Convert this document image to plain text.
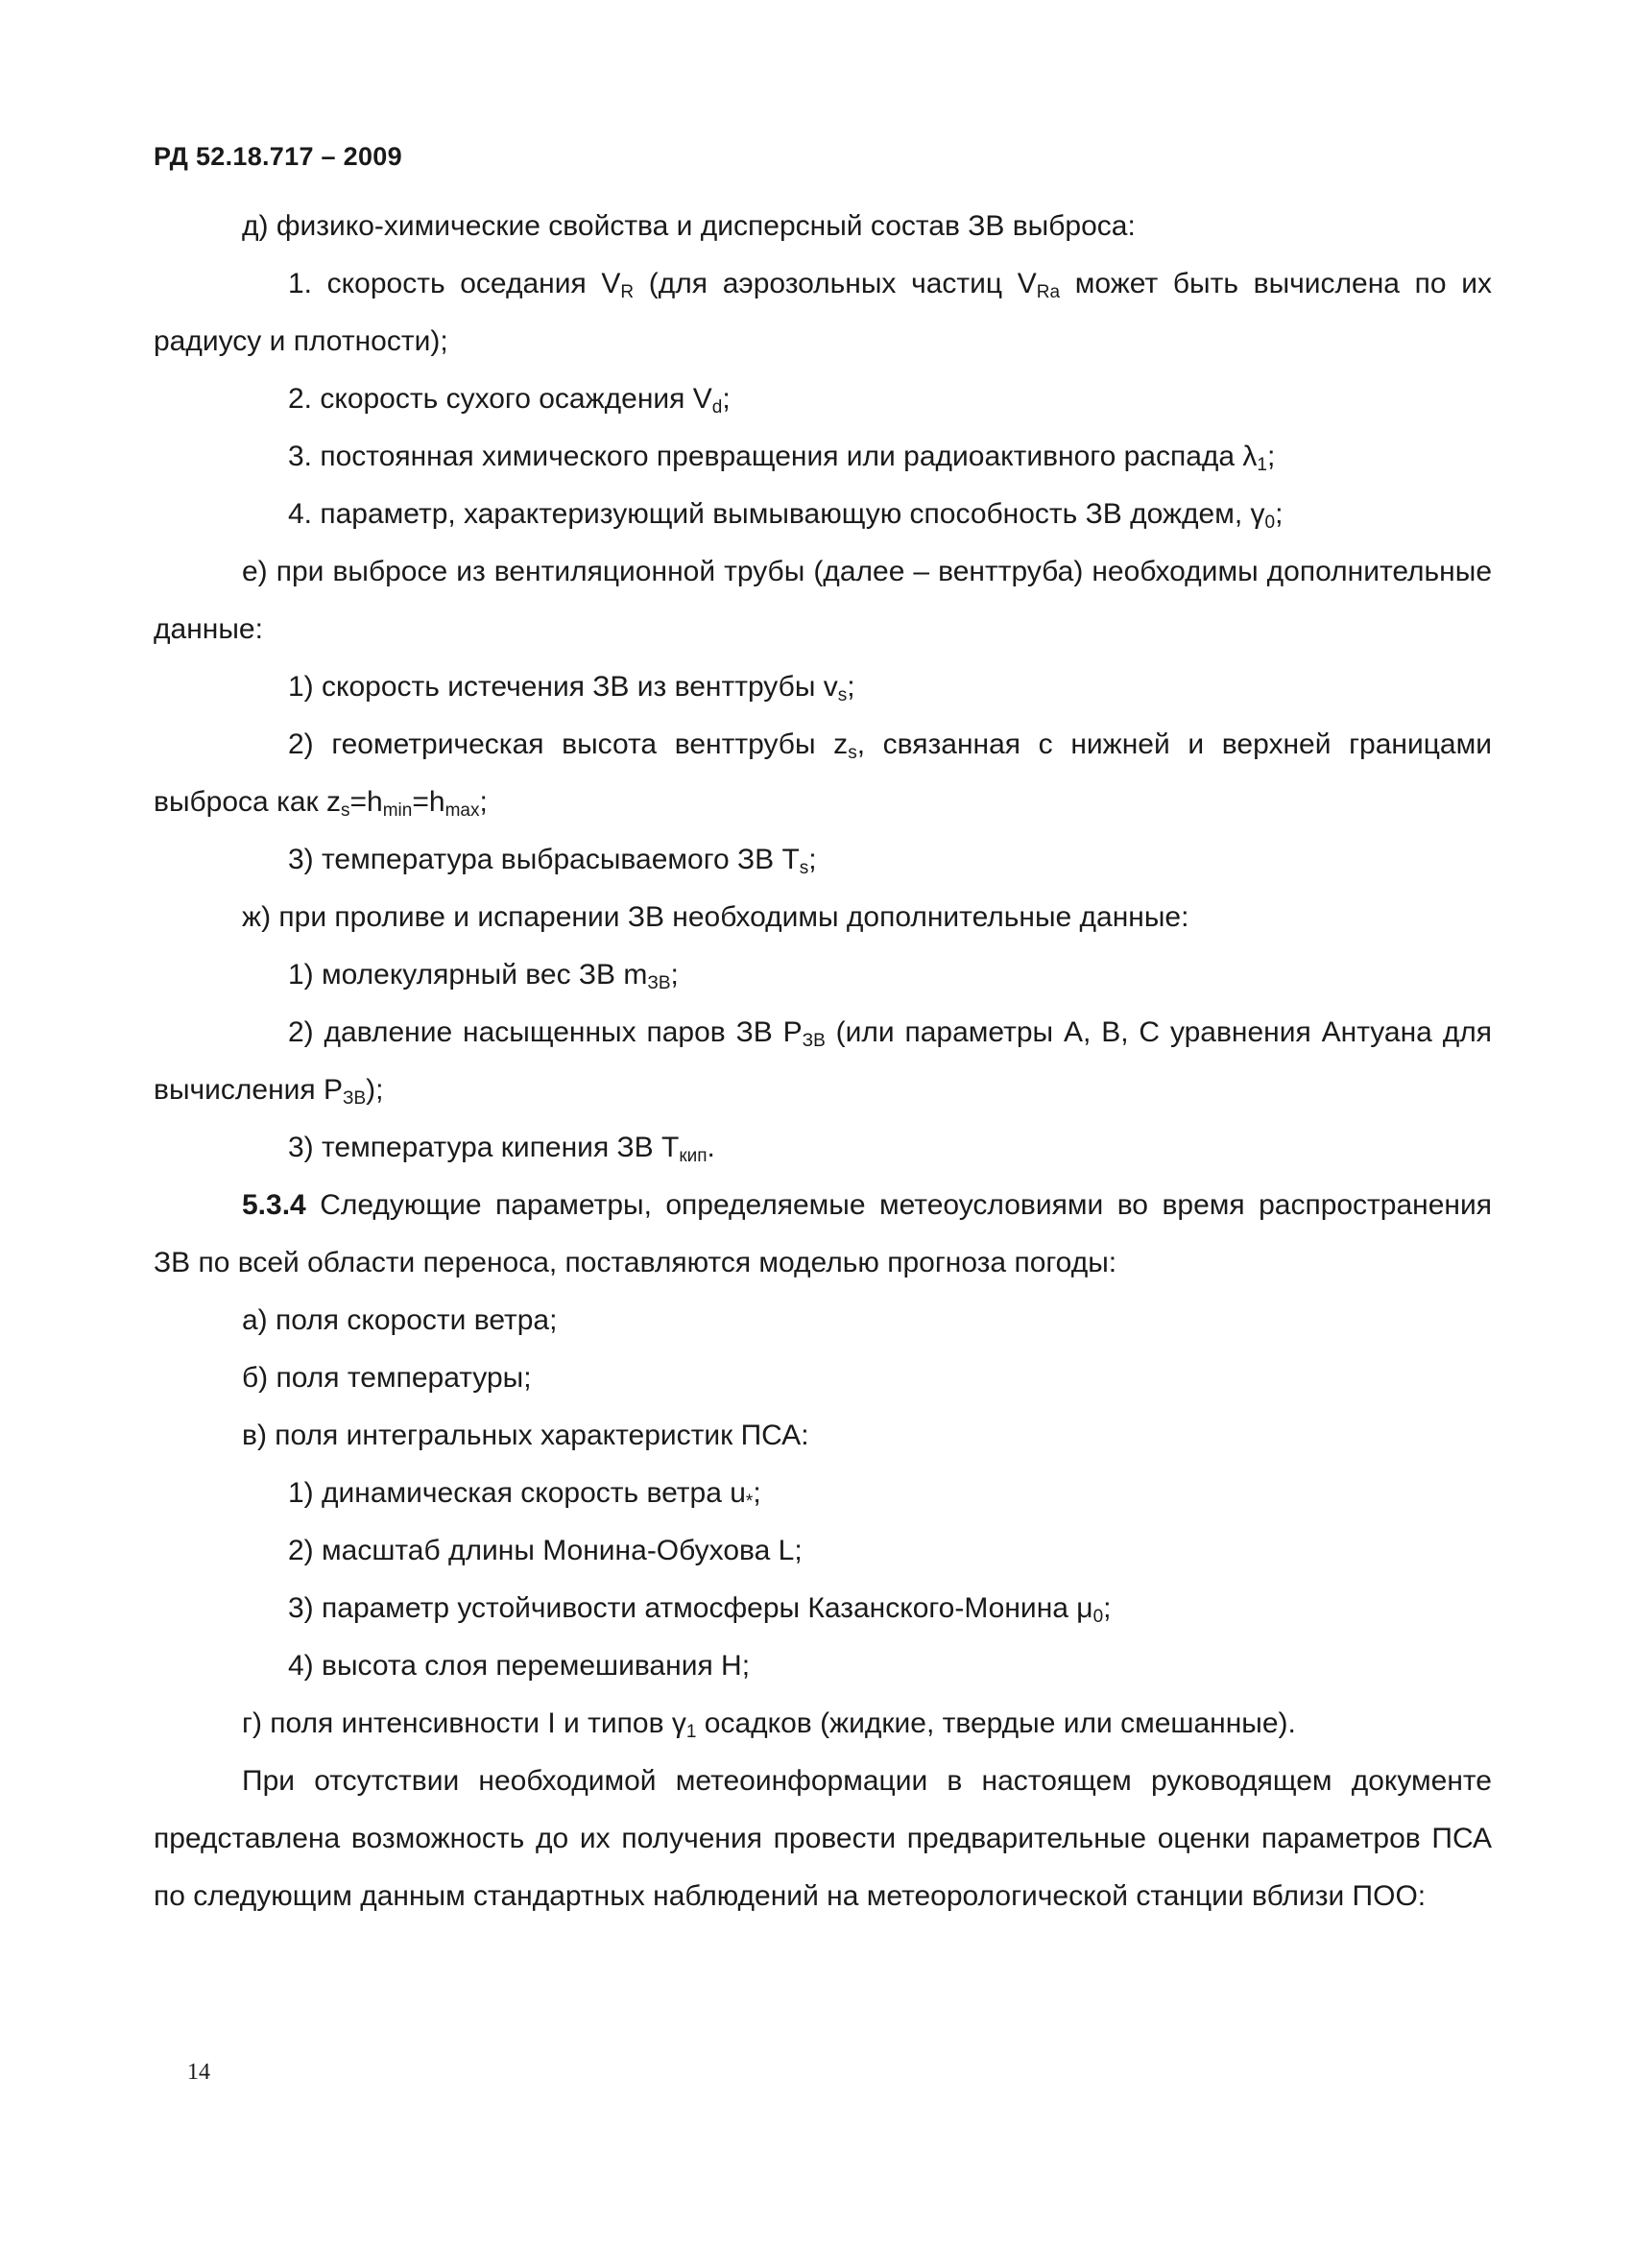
РД 52.18.717 – 2009

д) физико-химические свойства и дисперсный состав ЗВ выброса:

1. скорость оседания $V_R$ (для аэрозольных частиц $V_{Ra}$ может быть вычислена по их радиусу и плотности);

2. скорость сухого осаждения $V_d$;

3. постоянная химического превращения или радиоактивного распада $\lambda_1$;

4. параметр, характеризующий вымывающую способность ЗВ дождем, $\gamma_0$;

е) при выбросе из вентиляционной трубы (далее – венттруба) необходимы дополнительные данные:

1) скорость истечения ЗВ из венттрубы $v_s$;

2) геометрическая высота венттрубы $z_s$, связанная с нижней и верхней границами выброса как $z_s=h_{min}=h_{max}$;

3) температура выбрасываемого ЗВ $T_s$;

ж) при проливе и испарении ЗВ необходимы дополнительные данные:

1) молекулярный вес ЗВ $m_{ЗВ}$;

2) давление насыщенных паров ЗВ $P_{ЗВ}$ (или параметры A, B, C уравнения Антуана для вычисления $P_{ЗВ}$);

3) температура кипения ЗВ $T_{кип}$.

5.3.4 Следующие параметры, определяемые метеоусловиями во время распространения ЗВ по всей области переноса, поставляются моделью прогноза погоды:

а) поля скорости ветра;

б) поля температуры;

в) поля интегральных характеристик ПСА:

1) динамическая скорость ветра $u_*$;

2) масштаб длины Монина-Обухова L;

3) параметр устойчивости атмосферы Казанского-Монина $\mu_0$;

4) высота слоя перемешивания H;

г) поля интенсивности I и типов $\gamma_1$ осадков (жидкие, твердые или смешанные).

При отсутствии необходимой метеоинформации в настоящем руководящем документе представлена возможность до их получения провести предварительные оценки параметров ПСА по следующим данным стандартных наблюдений на метеорологической станции вблизи ПОО:

14
